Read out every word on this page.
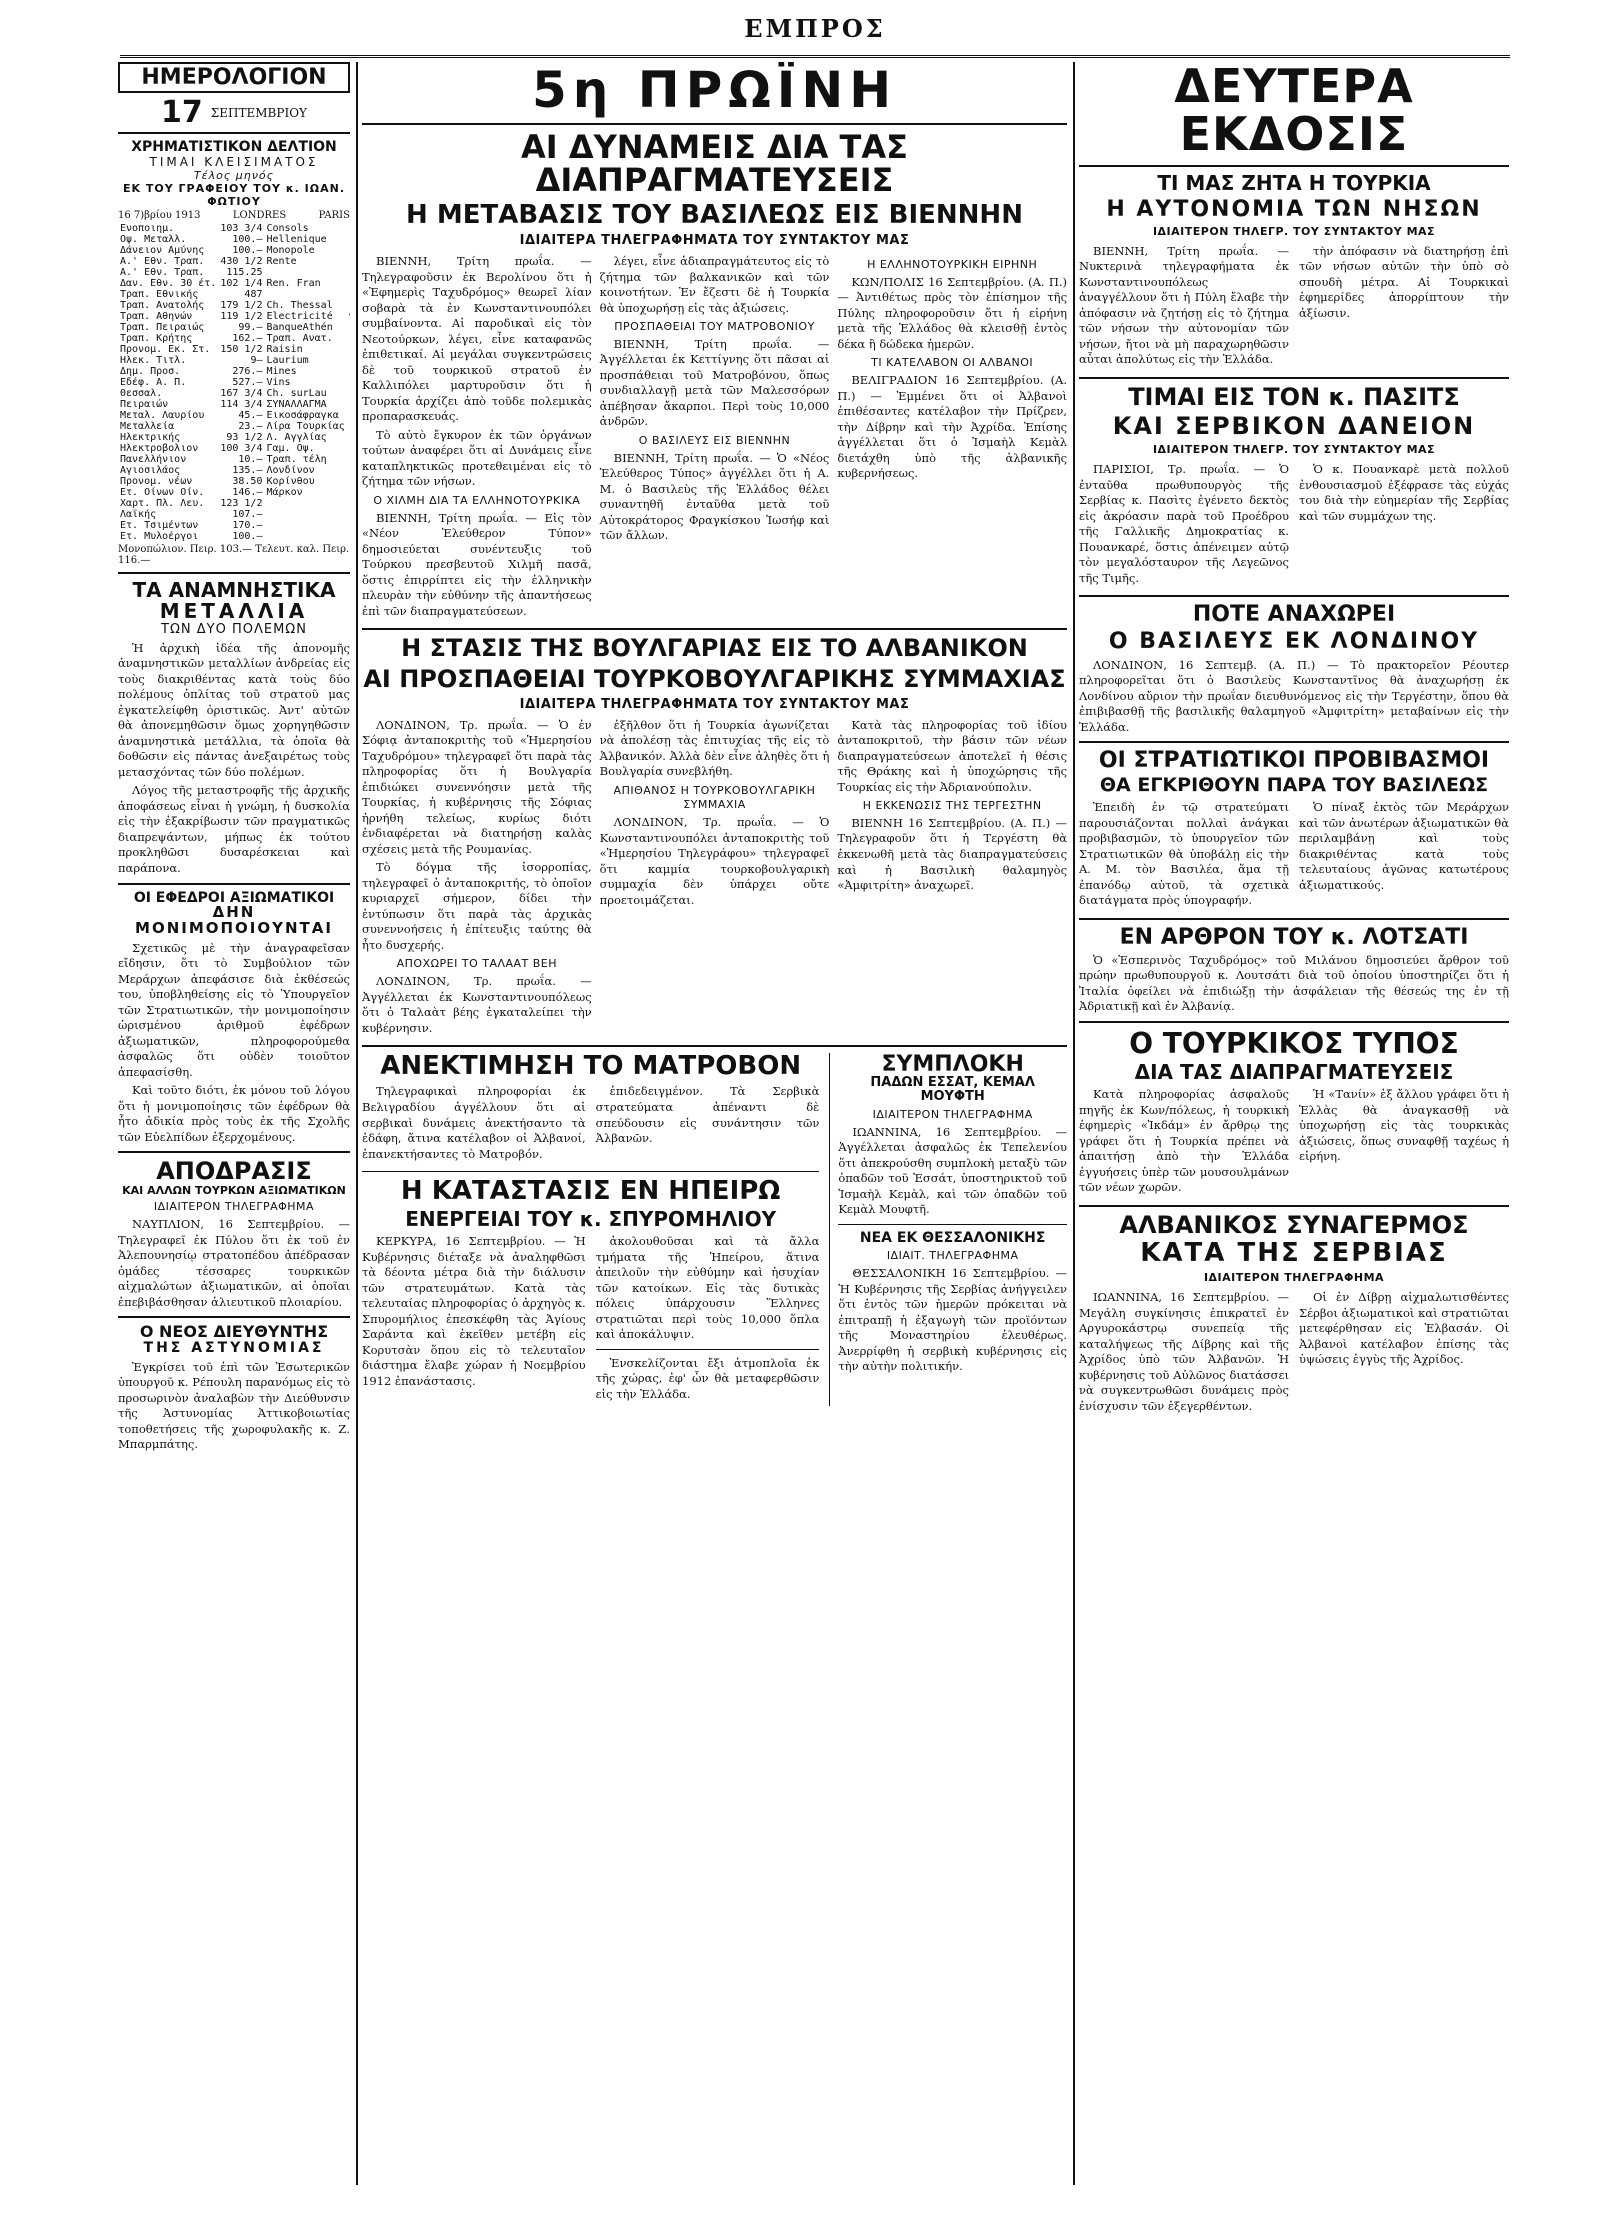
ΕΜΠΡΟΣ
ΗΜΕΡΟΛΟΓΙΟΝ
17 ΣΕΠΤΕΜΒΡΙΟΥ
ΧΡΗΜΑΤΙΣΤΙΚΟΝ ΔΕΛΤΙΟΝ
ΤΙΜΑΙ ΚΛΕΙΣΙΜΑΤΟΣ
Τέλος μηνός
ΕΚ ΤΟΥ ΓΡΑΦΕΙΟΥ ΤΟΥ κ. ΙΩΑΝ. ΦΩΤΙΟΥ
16 7)βρίου 1913	LONDRES	PARIS
Ενοποιημ.	103 3/4	Consols	
Οψ. Μεταλλ.	100.—	Hellenique	
Δάνειον Αμύνης	100.—	Monopole	
Α.' Εθν. Τραπ.	430 1/2	Rente	
Α.' Εθν. Τραπ.	115.25		
Δαν. Εθν. 30 έτ.	102 1/4	Ren. Fran	
Τραπ. Εθνικής	487		
Τραπ. Ανατολής	179 1/2	Ch. Thessal	
Τραπ. Αθηνών	119 1/2	Electricité	
Τραπ. Πειραιώς	99.—	BanqueAthén	
Τραπ. Κρήτης	162.—	Τραπ. Ανατ.	
Προνομ. Εκ. Στ.	150 1/2	Raisin	
Ηλεκ. Τιτλ.	9—	Laurium	
Δημ. Προσ.	276.—	Mines	
Εδέφ. Α. Π.	527.—	Vins	
Θεσσαλ.	167 3/4	Ch. surLau	
Πειραιών	114 3/4	ΣΥΝΑΛΛΑΓΜΑ	
Μεταλ. Λαυρίου	45.—	Εικοσάφραγκα	
Μεταλλεία	23.—	Λίρα Τουρκίας	
Ηλεκτρικής	93 1/2	Λ. Αγγλίας	
Ηλεκτροβολιον	100 3/4	Γαμ. Οψ.	
Πανελλήνιον	10.—	Τραπ. τέλη	
Αγιοσιλάος	135.—	Λονδίνον	
Προνομ. νέων	38.50	Κορίνθου	
Ετ. Οίνων Οίν.	146.—	Μάρκον	
Χαρτ. Πλ. Λευ.	123 1/2		
Λαϊκής	107.—		
Ετ. Τσιμέντων	170.—		
Ετ. Μυλοέργοι	100.—		
Μονοπώλιον. Πειρ. 103.— Τελευτ. καλ. Πειρ. 116.—
ΤΑ ΑΝΑΜΝΗΣΤΙΚΑ
ΜΕΤΑΛΛΙΑ
ΤΩΝ ΔΥΟ ΠΟΛΕΜΩΝ

Ἡ ἀρχικὴ ἰδέα τῆς ἀπονομῆς ἀναμνηστικῶν μεταλλίων ἀνδρείας εἰς τοὺς διακριθέντας κατὰ τοὺς δύο πολέμους ὁπλίτας τοῦ στρατοῦ μας ἐγκατελείφθη ὁριστικῶς. Ἀντ' αὐτῶν θὰ ἀπονεμηθῶσιν ὅμως χορηγηθῶσιν ἀναμνηστικὰ μετάλλια, τὰ ὁποῖα θὰ δοθῶσιν εἰς πάντας ἀνεξαιρέτως τοὺς μετασχόντας τῶν δύο πολέμων.

Λόγος τῆς μεταστροφῆς τῆς ἀρχικῆς ἀποφάσεως εἶναι ἡ γνώμη, ἡ δυσκολία εἰς τὴν ἐξακρίβωσιν τῶν πραγματικῶς διαπρεψάντων, μήπως ἐκ τούτου προκληθῶσι δυσαρέσκειαι καὶ παράπονα.

ΟΙ ΕΦΕΔΡΟΙ ΑΞΙΩΜΑΤΙΚΟΙ
ΔΗΝ ΜΟΝΙΜΟΠΟΙΟΥΝΤΑΙ

Σχετικῶς μὲ τὴν ἀναγραφεῖσαν εἴδησιν, ὅτι τὸ Συμβούλιον τῶν Μεράρχων ἀπεφάσισε διὰ ἐκθέσεώς του, ὑποβληθείσης εἰς τὸ Ὑπουργεῖον τῶν Στρατιωτικῶν, τὴν μονιμοποίησιν ὡρισμένου ἀριθμοῦ ἐφέδρων ἀξιωματικῶν, πληροφορούμεθα ἀσφαλῶς ὅτι οὐδὲν τοιοῦτον ἀπεφασίσθη.

Καὶ τοῦτο διότι, ἐκ μόνου τοῦ λόγου ὅτι ἡ μονιμοποίησις τῶν ἐφέδρων θὰ ἦτο ἀδικία πρὸς τοὺς ἐκ τῆς Σχολῆς τῶν Εὐελπίδων ἐξερχομένους.

ΑΠΟΔΡΑΣΙΣ
ΚΑΙ ΑΛΛΩΝ ΤΟΥΡΚΩΝ ΑΞΙΩΜΑΤΙΚΩΝ
ΙΔΙΑΙΤΕΡΟΝ ΤΗΛΕΓΡΑΦΗΜΑ

ΝΑΥΠΛΙΟΝ, 16 Σεπτεμβρίου. — Τηλεγραφεῖ ἐκ Πύλου ὅτι ἐκ τοῦ ἐν Ἀλεπουνησίῳ στρατοπέδου ἀπέδρασαν ὁμάδες τέσσαρες τουρκικῶν αἰχμαλώτων ἀξιωματικῶν, αἱ ὁποῖαι ἐπεβιβάσθησαν ἁλιευτικοῦ πλοιαρίου.

Ο ΝΕΟΣ ΔΙΕΥΘΥΝΤΗΣ
ΤΗΣ ΑΣΤΥΝΟΜΙΑΣ

Ἐγκρίσει τοῦ ἐπὶ τῶν Ἐσωτερικῶν ὑπουργοῦ κ. Ρέπουλη παρανόμως εἰς τὸ προσωρινὸν ἀναλαβὼν τὴν Διεύθυνσιν τῆς Ἀστυνομίας Ἀττικοβοιωτίας τοποθετήσεις τῆς χωροφυλακῆς κ. Ζ. Μπαρμπάτης.

5η ΠΡΩΪΝΗ
ΑΙ ΔΥΝΑΜΕΙΣ ΔΙΑ ΤΑΣ ΔΙΑΠΡΑΓΜΑΤΕΥΣΕΙΣ
Η ΜΕΤΑΒΑΣΙΣ ΤΟΥ ΒΑΣΙΛΕΩΣ ΕΙΣ ΒΙΕΝΝΗΝ
ΙΔΙΑΙΤΕΡΑ ΤΗΛΕΓΡΑΦΗΜΑΤΑ ΤΟΥ ΣΥΝΤΑΚΤΟΥ ΜΑΣ

ΒΙΕΝΝΗ, Τρίτη πρωΐα. — Τηλεγραφοῦσιν ἐκ Βερολίνου ὅτι ἡ «Ἐφημερὶς Ταχυδρόμος» θεωρεῖ λίαν σοβαρὰ τὰ ἐν Κωνσταντινουπόλει συμβαίνοντα. Αἱ παροδικαὶ εἰς τὸν Νεοτούρκων, λέγει, εἶνε καταφανῶς ἐπιθετικαί. Αἱ μεγάλαι συγκεντρώσεις δὲ τοῦ τουρκικοῦ στρατοῦ ἐν Καλλιπόλει μαρτυροῦσιν ὅτι ἡ Τουρκία ἀρχίζει ἀπὸ τοῦδε πολεμικὰς προπαρασκευάς.

Τὸ αὐτὸ ἔγκυρον ἐκ τῶν ὀργάνων τούτων ἀναφέρει ὅτι αἱ Δυνάμεις εἶνε καταπληκτικῶς προτεθειμέναι εἰς τὸ ζήτημα τῶν νήσων.

Ο ΧΙΛΜΗ ΔΙΑ ΤΑ ΕΛΛΗΝΟΤΟΥΡΚΙΚΑ

ΒΙΕΝΝΗ, Τρίτη πρωΐα. — Εἰς τὸν «Νέον Ἐλεύθερον Τύπον» δημοσιεύεται συνέντευξις τοῦ Τούρκου πρεσβευτοῦ Χιλμῆ πασᾶ, ὅστις ἐπιρρίπτει εἰς τὴν ἐλληνικὴν πλευρὰν τὴν εὐθύνην τῆς ἀπαντήσεως ἐπὶ τῶν διαπραγματεύσεων.

λέγει, εἶνε ἀδιαπραγμάτευτος εἰς τὸ ζήτημα τῶν βαλκανικῶν καὶ τῶν κοινοτήτων. Ἐν ἔζεστι δὲ ἡ Τουρκία θὰ ὑποχωρήσῃ εἰς τὰς ἀξιώσεις.

ΠΡΟΣΠΑΘΕΙΑΙ ΤΟΥ ΜΑΤΡΟΒΟΝΙΟΥ

ΒΙΕΝΝΗ, Τρίτη πρωΐα. — Ἀγγέλλεται ἐκ Κεττίγνης ὅτι πᾶσαι αἱ προσπάθειαι τοῦ Ματροβόνου, ὅπως συνδιαλλαγῇ μετὰ τῶν Μαλεσσόρων ἀπέβησαν ἄκαρποι. Περὶ τοὺς 10,000 ἀνδρῶν.

Ο ΒΑΣΙΛΕΥΣ ΕΙΣ ΒΙΕΝΝΗΝ

ΒΙΕΝΝΗ, Τρίτη πρωΐα. — Ὁ «Νέος Ἐλεύθερος Τύπος» ἀγγέλλει ὅτι ἡ Α. Μ. ὁ Βασιλεὺς τῆς Ἑλλάδος θέλει συναντηθῆ ἐνταῦθα μετὰ τοῦ Αὐτοκράτορος Φραγκίσκου Ἰωσήφ καὶ τῶν ἄλλων.

Η ΕΛΛΗΝΟΤΟΥΡΚΙΚΗ ΕΙΡΗΝΗ

ΚΩΝ/ΠΟΛΙΣ 16 Σεπτεμβρίου. (Α. Π.) — Ἀντιθέτως πρὸς τὸν ἐπίσημον τῆς Πύλης πληροφοροῦσιν ὅτι ἡ εἰρήνη μετὰ τῆς Ἑλλάδος θὰ κλεισθῇ ἐντὸς δέκα ἢ δώδεκα ἡμερῶν.

ΤΙ ΚΑΤΕΛΑΒΟΝ ΟΙ ΑΛΒΑΝΟΙ

ΒΕΛΙΓΡΑΔΙΟΝ 16 Σεπτεμβρίου. (Α. Π.) — Ἐμμένει ὅτι οἱ Ἀλβανοὶ ἐπιθέσαντες κατέλαβον τὴν Πρίζρεν, τὴν Δίβρην καὶ τὴν Ἀχρίδα. Ἐπίσης ἀγγέλλεται ὅτι ὁ Ἰσμαὴλ Κεμὰλ διετάχθη ὑπὸ τῆς ἀλβανικῆς κυβερνήσεως.

Η ΣΤΑΣΙΣ ΤΗΣ ΒΟΥΛΓΑΡΙΑΣ ΕΙΣ ΤΟ ΑΛΒΑΝΙΚΟΝ
ΑΙ ΠΡΟΣΠΑΘΕΙΑΙ ΤΟΥΡΚΟΒΟΥΛΓΑΡΙΚΗΣ ΣΥΜΜΑΧΙΑΣ
ΙΔΙΑΙΤΕΡΑ ΤΗΛΕΓΡΑΦΗΜΑΤΑ ΤΟΥ ΣΥΝΤΑΚΤΟΥ ΜΑΣ

ΛΟΝΔΙΝΟΝ, Τρ. πρωΐα. — Ὁ ἐν Σόφιᾳ ἀνταποκριτὴς τοῦ «Ἡμερησίου Ταχυδρόμου» τηλεγραφεῖ ὅτι παρὰ τὰς πληροφορίας ὅτι ἡ Βουλγαρία ἐπιδιώκει συνεννόησιν μετὰ τῆς Τουρκίας, ἡ κυβέρνησις τῆς Σόφιας ἠρνήθη τελείως, κυρίως διότι ἐνδιαφέρεται νὰ διατηρήσῃ καλὰς σχέσεις μετὰ τῆς Ρουμανίας.

Τὸ δόγμα τῆς ἰσορροπίας, τηλεγραφεῖ ὁ ἀνταποκριτής, τὸ ὁποῖον κυριαρχεῖ σήμερον, δίδει τὴν ἐντύπωσιν ὅτι παρὰ τὰς ἀρχικὰς συνεννοήσεις ἡ ἐπίτευξις ταύτης θὰ ἦτο δυσχερής.

ΑΠΟΧΩΡΕΙ ΤΟ ΤΑΛΑΑΤ ΒΕΗ

ΛΟΝΔΙΝΟΝ, Τρ. πρωΐα. — Ἀγγέλλεται ἐκ Κωνσταντινουπόλεως ὅτι ὁ Ταλαὰτ βέης ἐγκαταλείπει τὴν κυβέρνησιν.

ἐξῆλθον ὅτι ἡ Τουρκία ἀγωνίζεται νὰ ἀπολέσῃ τὰς ἐπιτυχίας τῆς εἰς τὸ Ἀλβανικόν. Ἀλλὰ δὲν εἶνε ἀληθὲς ὅτι ἡ Βουλγαρία συνεβλήθη.

ΑΠΙΘΑΝΟΣ Η ΤΟΥΡΚΟΒΟΥΛΓΑΡΙΚΗ ΣΥΜΜΑΧΙΑ

ΛΟΝΔΙΝΟΝ, Τρ. πρωΐα. — Ὁ Κωνσταντινουπόλει ἀνταποκριτὴς τοῦ «Ἡμερησίου Τηλεγράφου» τηλεγραφεῖ ὅτι καμμία τουρκοβουλγαρικὴ συμμαχία δὲν ὑπάρχει οὔτε προετοιμάζεται.

Κατὰ τὰς πληροφορίας τοῦ ἰδίου ἀνταποκριτοῦ, τὴν βάσιν τῶν νέων διαπραγματεύσεων ἀποτελεῖ ἡ θέσις τῆς Θράκης καὶ ἡ ὑποχώρησις τῆς Τουρκίας εἰς τὴν Ἀδριανούπολιν.

Η ΕΚΚΕΝΩΣΙΣ ΤΗΣ ΤΕΡΓΕΣΤΗΝ

ΒΙΕΝΝΗ 16 Σεπτεμβρίου. (Α. Π.) — Τηλεγραφοῦν ὅτι ἡ Τεργέστη θὰ ἐκκενωθῆ μετὰ τὰς διαπραγματεύσεις καὶ ἡ Βασιλικὴ θαλαμηγὸς «Ἀμφιτρίτη» ἀναχωρεῖ.

ΑΝΕΚΤΙΜΗΣΗ ΤΟ ΜΑΤΡΟΒΟΝ

Τηλεγραφικαὶ πληροφορίαι ἐκ Βελιγραδίου ἀγγέλλουν ὅτι αἱ σερβικαὶ δυνάμεις ἀνεκτήσαντο τὰ ἐδάφη, ἅτινα κατέλαβον οἱ Ἀλβανοί, ἐπανεκτήσαντες τὸ Ματροβόν.

ἐπιδεδειγμένον. Τὰ Σερβικὰ στρατεύματα ἀπέναντι δὲ σπεύδουσιν εἰς συνάντησιν τῶν Ἀλβανῶν.

Η ΚΑΤΑΣΤΑΣΙΣ ΕΝ ΗΠΕΙΡΩ
ΕΝΕΡΓΕΙΑΙ ΤΟΥ κ. ΣΠΥΡΟΜΗΛΙΟΥ

ΚΕΡΚΥΡΑ, 16 Σεπτεμβρίου. — Ἡ Κυβέρνησις διέταξε νὰ ἀναληφθῶσι τὰ δέοντα μέτρα διὰ τὴν διάλυσιν τῶν στρατευμάτων. Κατὰ τὰς τελευταίας πληροφορίας ὁ ἀρχηγὸς κ. Σπυρομήλιος ἐπεσκέφθη τὰς Ἀγίους Σαράντα καὶ ἐκεῖθεν μετέβη εἰς Κορυτσὰν ὅπου εἰς τὸ τελευταῖον διάστημα ἔλαβε χώραν ἡ Νοεμβρίου 1912 ἐπανάστασις.

ἀκολουθοῦσαι καὶ τὰ ἄλλα τμήματα τῆς Ἠπείρου, ἅτινα ἀπειλοῦν τὴν εὐθύμην καὶ ἡσυχίαν τῶν κατοίκων. Εἰς τὰς δυτικὰς πόλεις ὑπάρχουσιν Ἕλληνες στρατιῶται περὶ τοὺς 10,000 ὅπλα καὶ ἀποκάλυψιν.

Ἐνσκελίζονται ἔξι ἀτμοπλοῖα ἐκ τῆς χώρας, ἐφ' ὧν θὰ μεταφερθῶσιν εἰς τὴν Ἑλλάδα.

ΣΥΜΠΛΟΚΗ
ΠΑΔΩΝ ΕΣΣΑΤ, ΚΕΜΑΛ ΜΟΥΦΤΗ
ΙΔΙΑΙΤΕΡΟΝ ΤΗΛΕΓΡΑΦΗΜΑ

ΙΩΑΝΝΙΝΑ, 16 Σεπτεμβρίου. — Ἀγγέλλεται ἀσφαλῶς ἐκ Τεπελενίου ὅτι ἀπεκρούσθη συμπλοκὴ μεταξὺ τῶν ὀπαδῶν τοῦ Ἐσσάτ, ὑποστηρικτοῦ τοῦ Ἰσμαὴλ Κεμὰλ, καὶ τῶν ὀπαδῶν τοῦ Κεμὰλ Μουφτῆ.

ΝΕΑ ΕΚ ΘΕΣΣΑΛΟΝΙΚΗΣ
ΙΔΙΑΙΤ. ΤΗΛΕΓΡΑΦΗΜΑ

ΘΕΣΣΑΛΟΝΙΚΗ 16 Σεπτεμβρίου. — Ἡ Κυβέρνησις τῆς Σερβίας ἀνήγγειλεν ὅτι ἐντὸς τῶν ἡμερῶν πρόκειται νὰ ἐπιτραπῇ ἡ ἐξαγωγὴ τῶν προϊόντων τῆς Μοναστηρίου ἐλευθέρως. Ἀνερρίφθη ἡ σερβικὴ κυβέρνησις εἰς τὴν αὐτὴν πολιτικήν.

ΔΕΥΤΕΡΑ ΕΚΔΟΣΙΣ
ΤΙ ΜΑΣ ΖΗΤΑ Η ΤΟΥΡΚΙΑ
Η ΑΥΤΟΝΟΜΙΑ ΤΩΝ ΝΗΣΩΝ
ΙΔΙΑΙΤΕΡΟΝ ΤΗΛΕΓΡ. ΤΟΥ ΣΥΝΤΑΚΤΟΥ ΜΑΣ

ΒΙΕΝΝΗ, Τρίτη πρωΐα. — Νυκτερινὰ τηλεγραφήματα ἐκ Κωνσταντινουπόλεως ἀναγγέλλουν ὅτι ἡ Πύλη ἔλαβε τὴν ἀπόφασιν νὰ ζητήσῃ εἰς τὸ ζήτημα τῶν νήσων τὴν αὐτονομίαν τῶν νήσων, ἤτοι νὰ μὴ παραχωρηθῶσιν αὗται ἀπολύτως εἰς τὴν Ἑλλάδα.

τὴν ἀπόφασιν νὰ διατηρήσῃ ἐπὶ τῶν νήσων αὐτῶν τὴν ὑπὸ σὸ σπουδὴ μέτρα. Αἱ Τουρκικαὶ ἐφημερίδες ἀπορρίπτουν τὴν ἀξίωσιν.

ΤΙΜΑΙ ΕΙΣ ΤΟΝ κ. ΠΑΣΙΤΣ
ΚΑΙ ΣΕΡΒΙΚΟΝ ΔΑΝΕΙΟΝ
ΙΔΙΑΙΤΕΡΟΝ ΤΗΛΕΓΡ. ΤΟΥ ΣΥΝΤΑΚΤΟΥ ΜΑΣ

ΠΑΡΙΣΙΟΙ, Τρ. πρωΐα. — Ὁ ἐνταῦθα πρωθυπουργὸς τῆς Σερβίας κ. Πασὶτς ἐγένετο δεκτὸς εἰς ἀκρόασιν παρὰ τοῦ Προέδρου τῆς Γαλλικῆς Δημοκρατίας κ. Πουανκαρέ, ὅστις ἀπένειμεν αὐτῷ τὸν μεγαλόσταυρον τῆς Λεγεῶνος τῆς Τιμῆς.

Ὁ κ. Πουανκαρὲ μετὰ πολλοῦ ἐνθουσιασμοῦ ἐξέφρασε τὰς εὐχάς του διὰ τὴν εὐημερίαν τῆς Σερβίας καὶ τῶν συμμάχων της.

ΠΟΤΕ ΑΝΑΧΩΡΕΙ
Ο ΒΑΣΙΛΕΥΣ ΕΚ ΛΟΝΔΙΝΟΥ

ΛΟΝΔΙΝΟΝ, 16 Σεπτεμβ. (Α. Π.) — Τὸ πρακτορεῖον Ρέουτερ πληροφορεῖται ὅτι ὁ Βασιλεὺς Κωνσταντῖνος θὰ ἀναχωρήσῃ ἐκ Λονδίνου αὔριον τὴν πρωΐαν διευθυνόμενος εἰς τὴν Τεργέστην, ὅπου θὰ ἐπιβιβασθῇ τῆς βασιλικῆς θαλαμηγοῦ «Ἀμφιτρίτη» μεταβαίνων εἰς τὴν Ἑλλάδα.

ΟΙ ΣΤΡΑΤΙΩΤΙΚΟΙ ΠΡΟΒΙΒΑΣΜΟΙ
ΘΑ ΕΓΚΡΙΘΟΥΝ ΠΑΡΑ ΤΟΥ ΒΑΣΙΛΕΩΣ

Ἐπειδὴ ἐν τῷ στρατεύματι παρουσιάζονται πολλαὶ ἀνάγκαι προβιβασμῶν, τὸ ὑπουργεῖον τῶν Στρατιωτικῶν θὰ ὑποβάλῃ εἰς τὴν Α. Μ. τὸν Βασιλέα, ἅμα τῇ ἐπανόδῳ αὐτοῦ, τὰ σχετικὰ διατάγματα πρὸς ὑπογραφήν.

Ὁ πίναξ ἐκτὸς τῶν Μεράρχων καὶ τῶν ἀνωτέρων ἀξιωματικῶν θὰ περιλαμβάνῃ καὶ τοὺς διακριθέντας κατὰ τοὺς τελευταίους ἀγῶνας κατωτέρους ἀξιωματικούς.

ΕΝ ΑΡΘΡΟΝ ΤΟΥ κ. ΛΟΤΣΑΤΙ

Ὁ «Ἑσπερινὸς Ταχυδρόμος» τοῦ Μιλάνου δημοσιεύει ἄρθρον τοῦ πρώην πρωθυπουργοῦ κ. Λουτσάτι διὰ τοῦ ὁποίου ὑποστηρίζει ὅτι ἡ Ἰταλία ὀφείλει νὰ ἐπιδιώξῃ τὴν ἀσφάλειαν τῆς θέσεώς της ἐν τῇ Ἀδριατικῇ καὶ ἐν Ἀλβανίᾳ.

Ο ΤΟΥΡΚΙΚΟΣ ΤΥΠΟΣ
ΔΙΑ ΤΑΣ ΔΙΑΠΡΑΓΜΑΤΕΥΣΕΙΣ

Κατὰ πληροφορίας ἀσφαλοῦς πηγῆς ἐκ Κων/πόλεως, ἡ τουρκικὴ ἐφημερὶς «Ἰκδάμ» ἐν ἄρθρῳ της γράφει ὅτι ἡ Τουρκία πρέπει νὰ ἀπαιτήσῃ ἀπὸ τὴν Ἑλλάδα ἐγγυήσεις ὑπὲρ τῶν μουσουλμάνων τῶν νέων χωρῶν.

Ἡ «Τανίν» ἐξ ἄλλου γράφει ὅτι ἡ Ἑλλὰς θὰ ἀναγκασθῇ νὰ ὑποχωρήσῃ εἰς τὰς τουρκικὰς ἀξιώσεις, ὅπως συναφθῇ ταχέως ἡ εἰρήνη.

ΑΛΒΑΝΙΚΟΣ ΣΥΝΑΓΕΡΜΟΣ
ΚΑΤΑ ΤΗΣ ΣΕΡΒΙΑΣ
ΙΔΙΑΙΤΕΡΟΝ ΤΗΛΕΓΡΑΦΗΜΑ

ΙΩΑΝΝΙΝΑ, 16 Σεπτεμβρίου. — Μεγάλη συγκίνησις ἐπικρατεῖ ἐν Αργυροκάστρῳ συνεπείᾳ τῆς καταλήψεως τῆς Δίβρης καὶ τῆς Ἀχρίδος ὑπὸ τῶν Ἀλβανῶν. Ἡ κυβέρνησις τοῦ Αὐλῶνος διατάσσει νὰ συγκεντρωθῶσι δυνάμεις πρὸς ἐνίσχυσιν τῶν ἐξεγερθέντων.

Οἱ ἐν Δίβρῃ αἰχμαλωτισθέντες Σέρβοι ἀξιωματικοὶ καὶ στρατιῶται μετεφέρθησαν εἰς Ἐλβασάν. Οἱ Ἀλβανοὶ κατέλαβον ἐπίσης τὰς ὑψώσεις ἐγγὺς τῆς Ἀχρίδος.
